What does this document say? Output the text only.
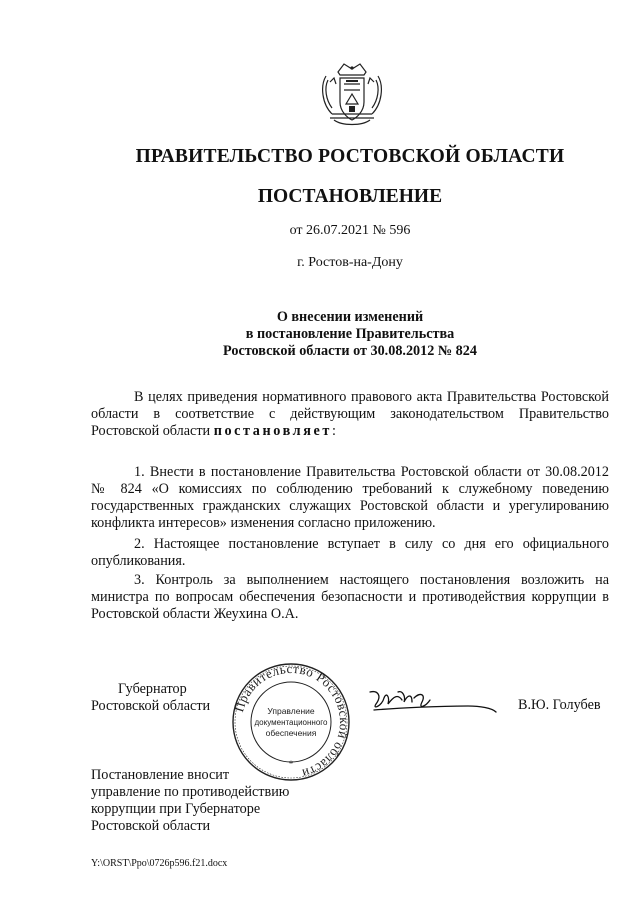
ПРАВИТЕЛЬСТВО РОСТОВСКОЙ ОБЛАСТИ
ПОСТАНОВЛЕНИЕ
от 26.07.2021 № 596
г. Ростов-на-Дону
О внесении изменений
в постановление Правительства
Ростовской области от 30.08.2012 № 824
В целях приведения нормативного правового акта Правительства Ростовской области в соответствие с действующим законодательством Правительство Ростовской области постановляет:
1. Внести в постановление Правительства Ростовской области от 30.08.2012 № 824 «О комиссиях по соблюдению требований к служебному поведению государственных гражданских служащих Ростовской области и урегулированию конфликта интересов» изменения согласно приложению.
2. Настоящее постановление вступает в силу со дня его официального опубликования.
3. Контроль за выполнением настоящего постановления возложить на министра по вопросам обеспечения безопасности и противодействия коррупции в Ростовской области Жеухина О.А.
Губернатор
Ростовской области Правительство Ростовской области
*
Управление
документационного
обеспечения
В.Ю. Голубев
Постановление вносит
управление по противодействию
коррупции при Губернаторе
Ростовской области
Y:\ORST\Ppo\0726p596.f21.docx
